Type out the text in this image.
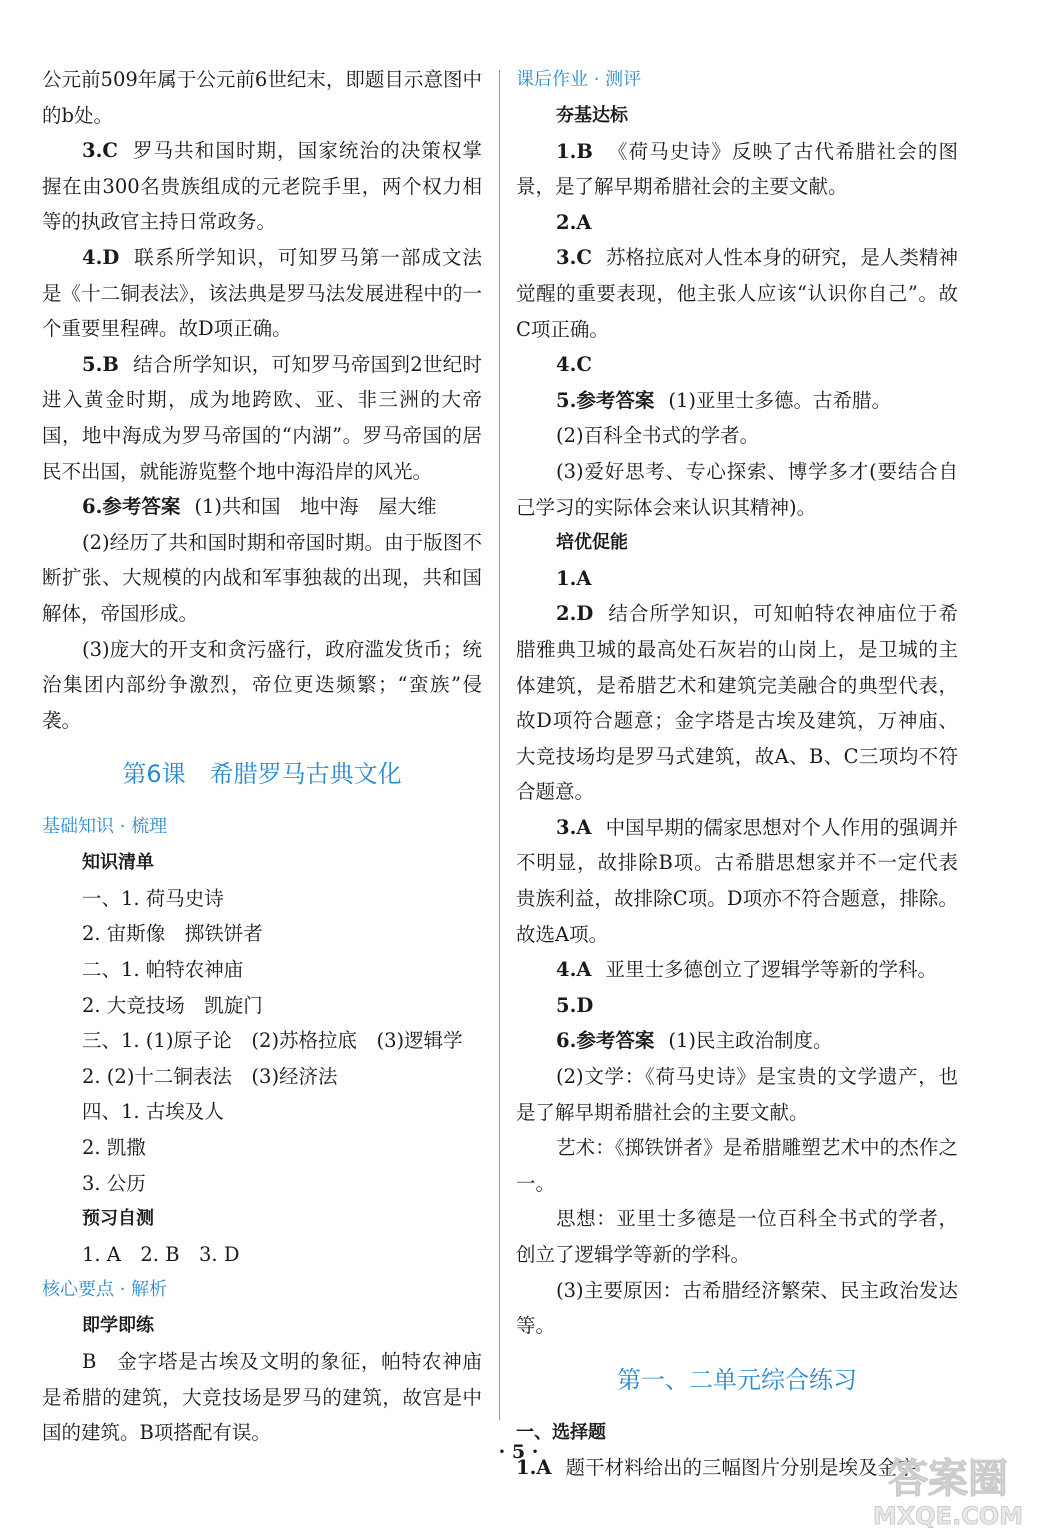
公元前509年属于公元前6世纪末，即题目示意图中的b处。

3.C 罗马共和国时期，国家统治的决策权掌握在由300名贵族组成的元老院手里，两个权力相等的执政官主持日常政务。

4.D 联系所学知识，可知罗马第一部成文法是《十二铜表法》，该法典是罗马法发展进程中的一个重要里程碑。故D项正确。

5.B 结合所学知识，可知罗马帝国到2世纪时进入黄金时期，成为地跨欧、亚、非三洲的大帝国，地中海成为罗马帝国的“内湖”。罗马帝国的居民不出国，就能游览整个地中海沿岸的风光。

6.参考答案 (1)共和国　地中海　屋大维

(2)经历了共和国时期和帝国时期。由于版图不断扩张、大规模的内战和军事独裁的出现，共和国解体，帝国形成。

(3)庞大的开支和贪污盛行，政府滥发货币；统治集团内部纷争激烈，帝位更迭频繁；“蛮族”侵袭。

第6课　希腊罗马古典文化

基础知识 · 梳理

知识清单

一、1. 荷马史诗

2. 宙斯像　掷铁饼者

二、1. 帕特农神庙

2. 大竞技场　凯旋门

三、1. (1)原子论　(2)苏格拉底　(3)逻辑学

2. (2)十二铜表法　(3)经济法

四、1. 古埃及人

2. 凯撒

3. 公历

预习自测

1. A　2. B　3. D

核心要点 · 解析

即学即练

B　金字塔是古埃及文明的象征，帕特农神庙是希腊的建筑，大竞技场是罗马的建筑，故宫是中国的建筑。B项搭配有误。

课后作业 · 测评

夯基达标

1.B 《荷马史诗》反映了古代希腊社会的图景，是了解早期希腊社会的主要文献。

2.A

3.C 苏格拉底对人性本身的研究，是人类精神觉醒的重要表现，他主张人应该“认识你自己”。故C项正确。

4.C

5.参考答案 (1)亚里士多德。古希腊。

(2)百科全书式的学者。

(3)爱好思考、专心探索、博学多才(要结合自己学习的实际体会来认识其精神)。

培优促能

1.A

2.D 结合所学知识，可知帕特农神庙位于希腊雅典卫城的最高处石灰岩的山岗上，是卫城的主体建筑，是希腊艺术和建筑完美融合的典型代表，故D项符合题意；金字塔是古埃及建筑，万神庙、大竞技场均是罗马式建筑，故A、B、C三项均不符合题意。

3.A 中国早期的儒家思想对个人作用的强调并不明显，故排除B项。古希腊思想家并不一定代表贵族利益，故排除C项。D项亦不符合题意，排除。故选A项。

4.A 亚里士多德创立了逻辑学等新的学科。

5.D

6.参考答案 (1)民主政治制度。

(2)文学：《荷马史诗》是宝贵的文学遗产，也是了解早期希腊社会的主要文献。

艺术：《掷铁饼者》是希腊雕塑艺术中的杰作之一。

思想：亚里士多德是一位百科全书式的学者，创立了逻辑学等新的学科。

(3)主要原因：古希腊经济繁荣、民主政治发达等。

第一、二单元综合练习

一、选择题

1.A 题干材料给出的三幅图片分别是埃及金字

· 5 ·
答案圈
MXQE.COM
